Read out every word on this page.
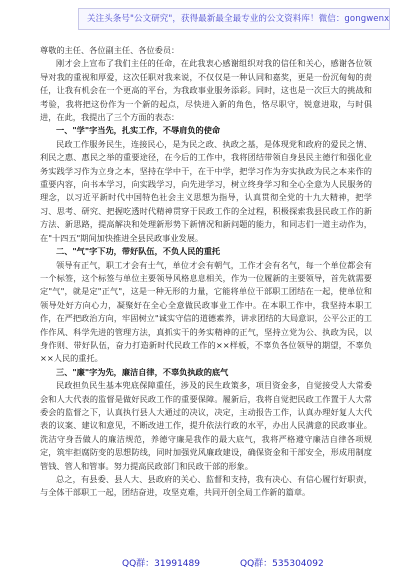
关注头条号"公文研究"，获得最新最全最专业的公文资料库！微信：gongwenx

尊敬的主任、各位副主任、各位委员：

刚才会上宣布了我们主任的任命，在此我衷心感谢组织对我的信任和关心，感谢各位领导对我的重视和厚爱，这次任职对我来说，不仅仅是一种认同和嘉奖，更是一份沉甸甸的责任，让我有机会在一个更高的平台，为我政事业服务添彩。同时，这也是一次巨大的挑战和考验，我将把这份作为一个新的起点，尽快进入新的角色，恪尽职守，锐意进取，与时俱进，在此，我提出了三个方面的表态：

一、"学"字当先，扎实工作，不辱肩负的使命

民政工作服务民生，连接民心，是为民之政、执政之基，是体现党和政府的爱民之情、利民之惠、惠民之举的重要途径，在今后的工作中，我将团结带领自身县民主德行和强化业务实践学习作为立身之本，坚持在学中干，在干中学，把学习作为夯实执政为民之本来作的重要内容，向书本学习，向实践学习，向先进学习，树立终身学习和全心全意为人民服务的理念，以习近平新时代中国特色社会主义思想为指导，认真贯彻全党的十九大精神，把学习、思考、研究、把握吃透时代精神贯穿于民政工作的全过程，积极探索我县民政工作的新方法、新思路，提高解决和处理新形势下新情况和新问题的能力，和同志们一道主动作为，在"十四五"期间加快推进全县民政事业发展。

二、"气"字下功，带好队伍，不负人民的重托

领导有正气，职工才会有士气，单位才会有朝气，工作才会有名气，每一个单位都会有一个标签，这个标签与单位主要领导风格息息相关，作为一位履新的主要领导，首先就需要定"气"，就是定"正气"，这是一种无形的力量，它能将单位干部职工团结在一起，使单位和领导处好方向心力，凝聚好在全心全意做民政事业工作中。在本职工作中，我坚持本职工作，在严把政治方向，牢固树立"诚实守信的道德素养，讲求团结的大局意识，公平公正的工作作风、科学先进的管理方法，真抓实干的务实精神的正气，坚持立党为公、执政为民，以身作则、带好队伍，奋力打造新时代民政工作的××样板，不辜负各位领导的期望，不辜负××人民的重托。

三、"廉"字为先，廉洁自律，不辜负执政的底气

民政担负民生基本兜底保障重任，涉及的民生政策多，项目资金多，自觉接受人大常委会和人大代表的监督是做好民政工作的重要保障。履新后，我将自觉把民政工作置于人大常委会的监督之下，认真执行县人大通过的决议，决定，主动报告工作，认真办理好复人大代表的议案、建议和意见，不断改进工作，提升依法行政的水平，办出人民满意的民政事业。洗洁守身吾做人的廉洁规范，养德守廉是我作的最大底气，我将严格遵守廉洁自律各项规定，筑牢拒腐防变的思想防线，同时加强党风廉政建设，确保资金和干部安全，形成用制度管钱、管人和管事。努力提高民政部门和民政干部的形象。

总之，有县委、县人大、县政府的关心、监督和支持，我有决心、有信心履行好职责，与全体干部职工一起，团结奋进，攻坚克难，共同开创全局工作新的篇章。

QQ群：31991489	QQ群：535304092
